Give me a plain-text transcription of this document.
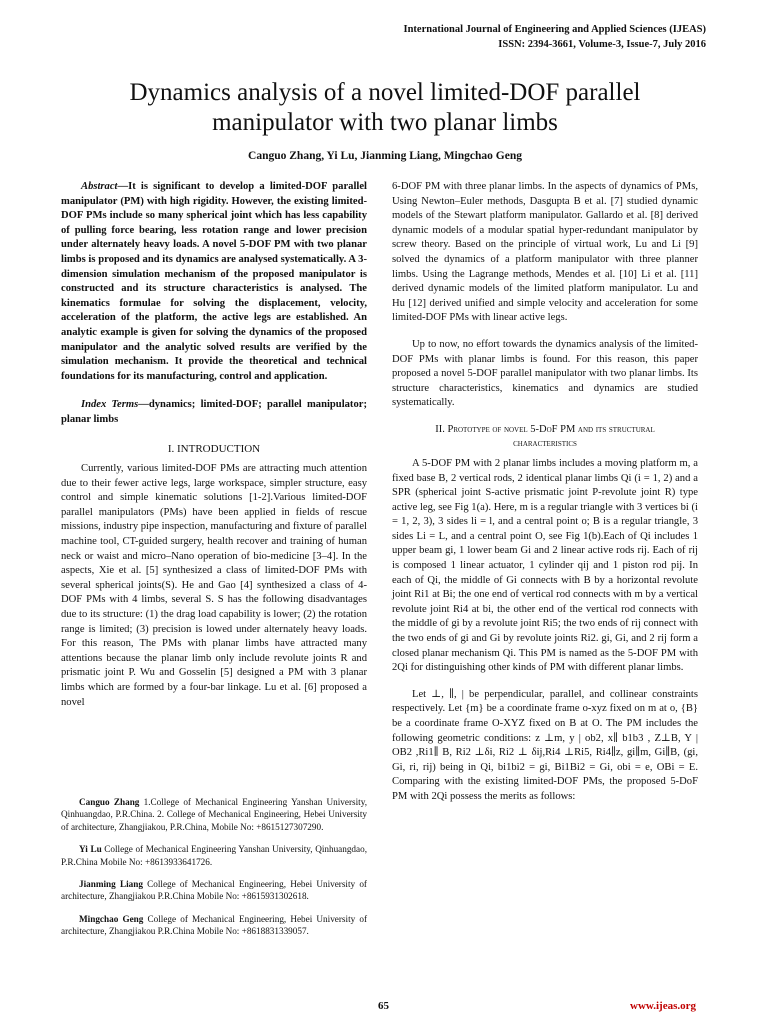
International Journal of Engineering and Applied Sciences (IJEAS)
ISSN: 2394-3661, Volume-3, Issue-7, July 2016
Dynamics analysis of a novel limited-DOF parallel
manipulator with two planar limbs
Canguo Zhang, Yi Lu, Jianming Liang, Mingchao Geng

Abstract—It is significant to develop a limited-DOF parallel manipulator (PM) with high rigidity. However, the existing limited-DOF PMs include so many spherical joint which has less capability of pulling force bearing, less rotation range and lower precision under alternately heavy loads. A novel 5-DOF PM with two planar limbs is proposed and its dynamics are analysed systematically. A 3-dimension simulation mechanism of the proposed manipulator is constructed and its structure characteristics is analysed. The kinematics formulae for solving the displacement, velocity, acceleration of the platform, the active legs are established. An analytic example is given for solving the dynamics of the proposed manipulator and the analytic solved results are verified by the simulation mechanism. It provide the theoretical and technical foundations for its manufacturing, control and application.

Index Terms—dynamics; limited-DOF; parallel manipulator; planar limbs

I. INTRODUCTION

Currently, various limited-DOF PMs are attracting much attention due to their fewer active legs, large workspace, simpler structure, easy control and simple kinematic solutions [1-2].Various limited-DOF parallel manipulators (PMs) have been applied in fields of rescue missions, industry pipe inspection, manufacturing and fixture of parallel machine tool, CT-guided surgery, health recover and training of human neck or waist and micro–Nano operation of bio-medicine [3–4]. In the aspects, Xie et al. [5] synthesized a class of limited-DOF PMs with several spherical joints(S). He and Gao [4] synthesized a class of 4-DOF PMs with 4 limbs, several S. S has the following disadvantages due to its structure: (1) the drag load capability is lower; (2) the rotation range is limited; (3) precision is lowed under alternately heavy loads. For this reason, The PMs with planar limbs have attracted many attentions because the planar limb only include revolute joints R and prismatic joint P. Wu and Gosselin [5] designed a PM with 3 planar limbs which are formed by a four-bar linkage. Lu et al. [6] proposed a novel

6-DOF PM with three planar limbs. In the aspects of dynamics of PMs, Using Newton–Euler methods, Dasgupta B et al. [7] studied dynamic models of the Stewart platform manipulator. Gallardo et al. [8] derived dynamic models of a modular spatial hyper-redundant manipulator by screw theory. Based on the principle of virtual work, Lu and Li [9] solved the dynamics of a platform manipulator with three planner limbs. Using the Lagrange methods, Mendes et al. [10] Li et al. [11] derived dynamic models of the limited platform manipulator. Lu and Hu [12] derived unified and simple velocity and acceleration for some limited-DOF PMs with linear active legs.

Up to now, no effort towards the dynamics analysis of the limited-DOF PMs with planar limbs is found. For this reason, this paper proposed a novel 5-DOF parallel manipulator with two planar limbs. Its structure characteristics, kinematics and dynamics are studied systematically.

II. Prototype of novel 5-DoF PM and its structural
characteristics

A 5-DOF PM with 2 planar limbs includes a moving platform m, a fixed base B, 2 vertical rods, 2 identical planar limbs Qi (i = 1, 2) and a SPR (spherical joint S-active prismatic joint P-revolute joint R) type active leg, see Fig 1(a). Here, m is a regular triangle with 3 vertices bi (i = 1, 2, 3), 3 sides li = l, and a central point o; B is a regular triangle, 3 sides Li = L, and a central point O, see Fig 1(b).Each of Qi includes 1 upper beam gi, 1 lower beam Gi and 2 linear active rods rij. Each of rij is composed 1 linear actuator, 1 cylinder qij and 1 piston rod pij. In each of Qi, the middle of Gi connects with B by a horizontal revolute joint Ri1 at Bi; the one end of vertical rod connects with m by a vertical revolute joint Ri4 at bi, the other end of the vertical rod connects with the middle of gi by a revolute joint Ri5; the two ends of rij connect with the two ends of gi and Gi by revolute joints Ri2. gi, Gi, and 2 rij form a closed planar mechanism Qi. This PM is named as the 5-DOF PM with 2Qi for distinguishing other kinds of PM with different planar limbs.

Let ⊥, ∥, | be perpendicular, parallel, and collinear constraints respectively. Let {m} be a coordinate frame o-xyz fixed on m at o, {B} be a coordinate frame O-XYZ fixed on B at O. The PM includes the following geometric conditions: z ⊥m, y | ob2, x∥ b1b3 , Z⊥B, Y | OB2 ,Ri1∥ B, Ri2 ⊥δi, Ri2 ⊥ δij,Ri4 ⊥Ri5, Ri4∥z, gi∥m, Gi∥B, (gi, Gi, ri, rij) being in Qi, bi1bi2 = gi, Bi1Bi2 = Gi, obi = e, OBi = E. Comparing with the existing limited-DOF PMs, the proposed 5-DoF PM with 2Qi possess the merits as follows:

Canguo Zhang 1.College of Mechanical Engineering Yanshan University, Qinhuangdao, P.R.China. 2. College of Mechanical Engineering, Hebei University of architecture, Zhangjiakou, P.R.China, Mobile No: +8615127307290.

Yi Lu College of Mechanical Engineering Yanshan University, Qinhuangdao, P.R.China Mobile No: +8613933641726.

Jianming Liang College of Mechanical Engineering, Hebei University of architecture, Zhangjiakou P.R.China Mobile No: +8615931302618.

Mingchao Geng College of Mechanical Engineering, Hebei University of architecture, Zhangjiakou P.R.China Mobile No: +8618831339057.

65	www.ijeas.org
